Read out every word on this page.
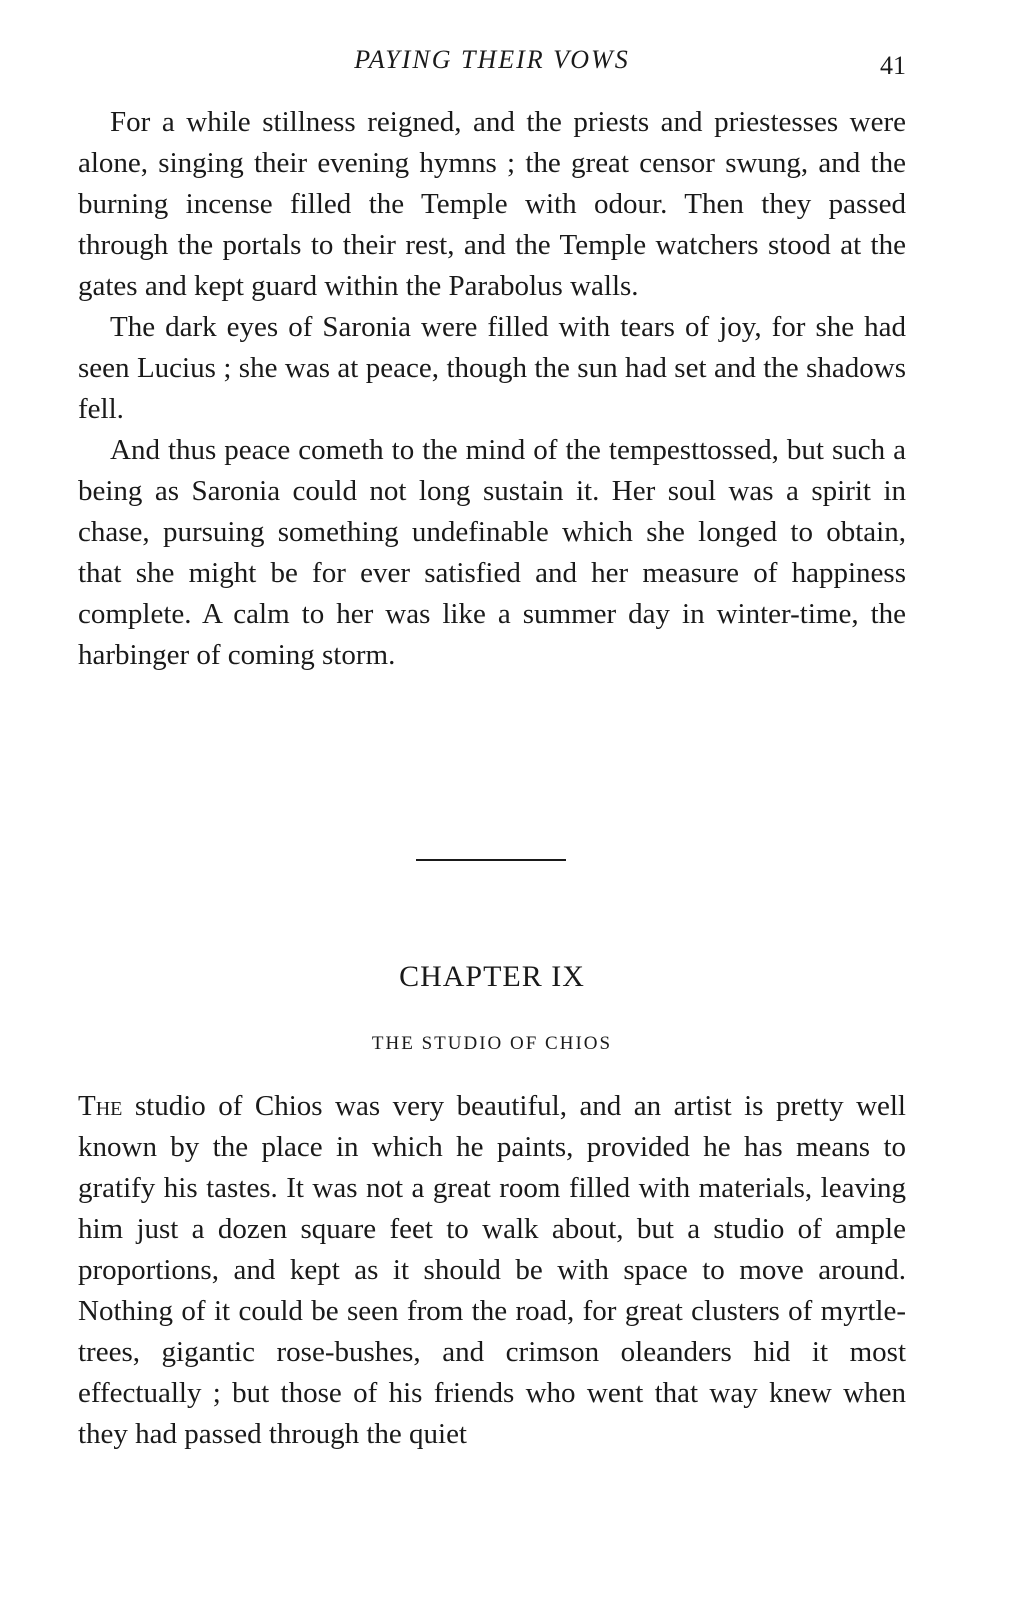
PAYING THEIR VOWS	41

For a while stillness reigned, and the priests and priestesses were alone, singing their evening hymns ; the great censor swung, and the burning incense filled the Temple with odour. Then they passed through the portals to their rest, and the Temple watchers stood at the gates and kept guard within the Parabolus walls.

The dark eyes of Saronia were filled with tears of joy, for she had seen Lucius ; she was at peace, though the sun had set and the shadows fell.

And thus peace cometh to the mind of the tempesttossed, but such a being as Saronia could not long sustain it. Her soul was a spirit in chase, pursuing something undefinable which she longed to obtain, that she might be for ever satisfied and her measure of happiness complete. A calm to her was like a summer day in winter-time, the harbinger of coming storm.

CHAPTER IX
THE STUDIO OF CHIOS

The studio of Chios was very beautiful, and an artist is pretty well known by the place in which he paints, provided he has means to gratify his tastes. It was not a great room filled with materials, leaving him just a dozen square feet to walk about, but a studio of ample proportions, and kept as it should be with space to move around. Nothing of it could be seen from the road, for great clusters of myrtle-trees, gigantic rose-bushes, and crimson oleanders hid it most effectually ; but those of his friends who went that way knew when they had passed through the quiet
